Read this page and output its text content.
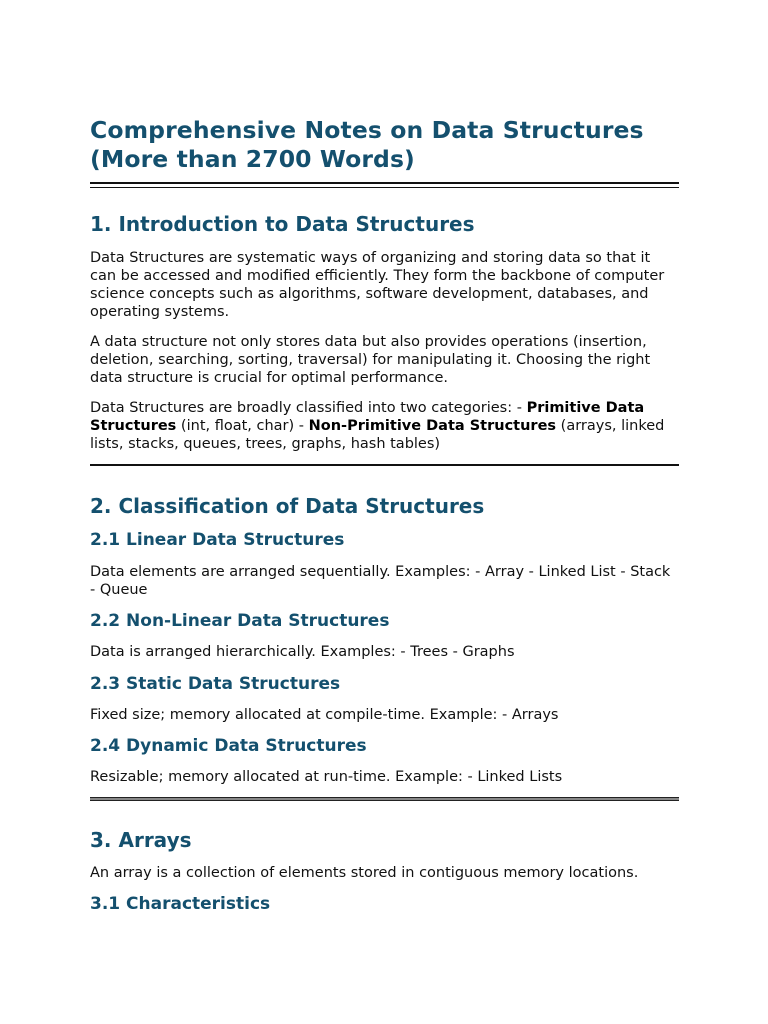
Comprehensive Notes on Data Structures (More than 2700 Words)
1. Introduction to Data Structures

Data Structures are systematic ways of organizing and storing data so that it can be accessed and modified efficiently. They form the backbone of computer science concepts such as algorithms, software development, databases, and operating systems.

A data structure not only stores data but also provides operations (insertion, deletion, searching, sorting, traversal) for manipulating it. Choosing the right data structure is crucial for optimal performance.

Data Structures are broadly classified into two categories: - Primitive Data Structures (int, float, char) - Non-Primitive Data Structures (arrays, linked lists, stacks, queues, trees, graphs, hash tables)

2. Classification of Data Structures
2.1 Linear Data Structures

Data elements are arranged sequentially. Examples: - Array - Linked List - Stack - Queue

2.2 Non-Linear Data Structures

Data is arranged hierarchically. Examples: - Trees - Graphs

2.3 Static Data Structures

Fixed size; memory allocated at compile-time. Example: - Arrays

2.4 Dynamic Data Structures

Resizable; memory allocated at run-time. Example: - Linked Lists

3. Arrays

An array is a collection of elements stored in contiguous memory locations.

3.1 Characteristics
